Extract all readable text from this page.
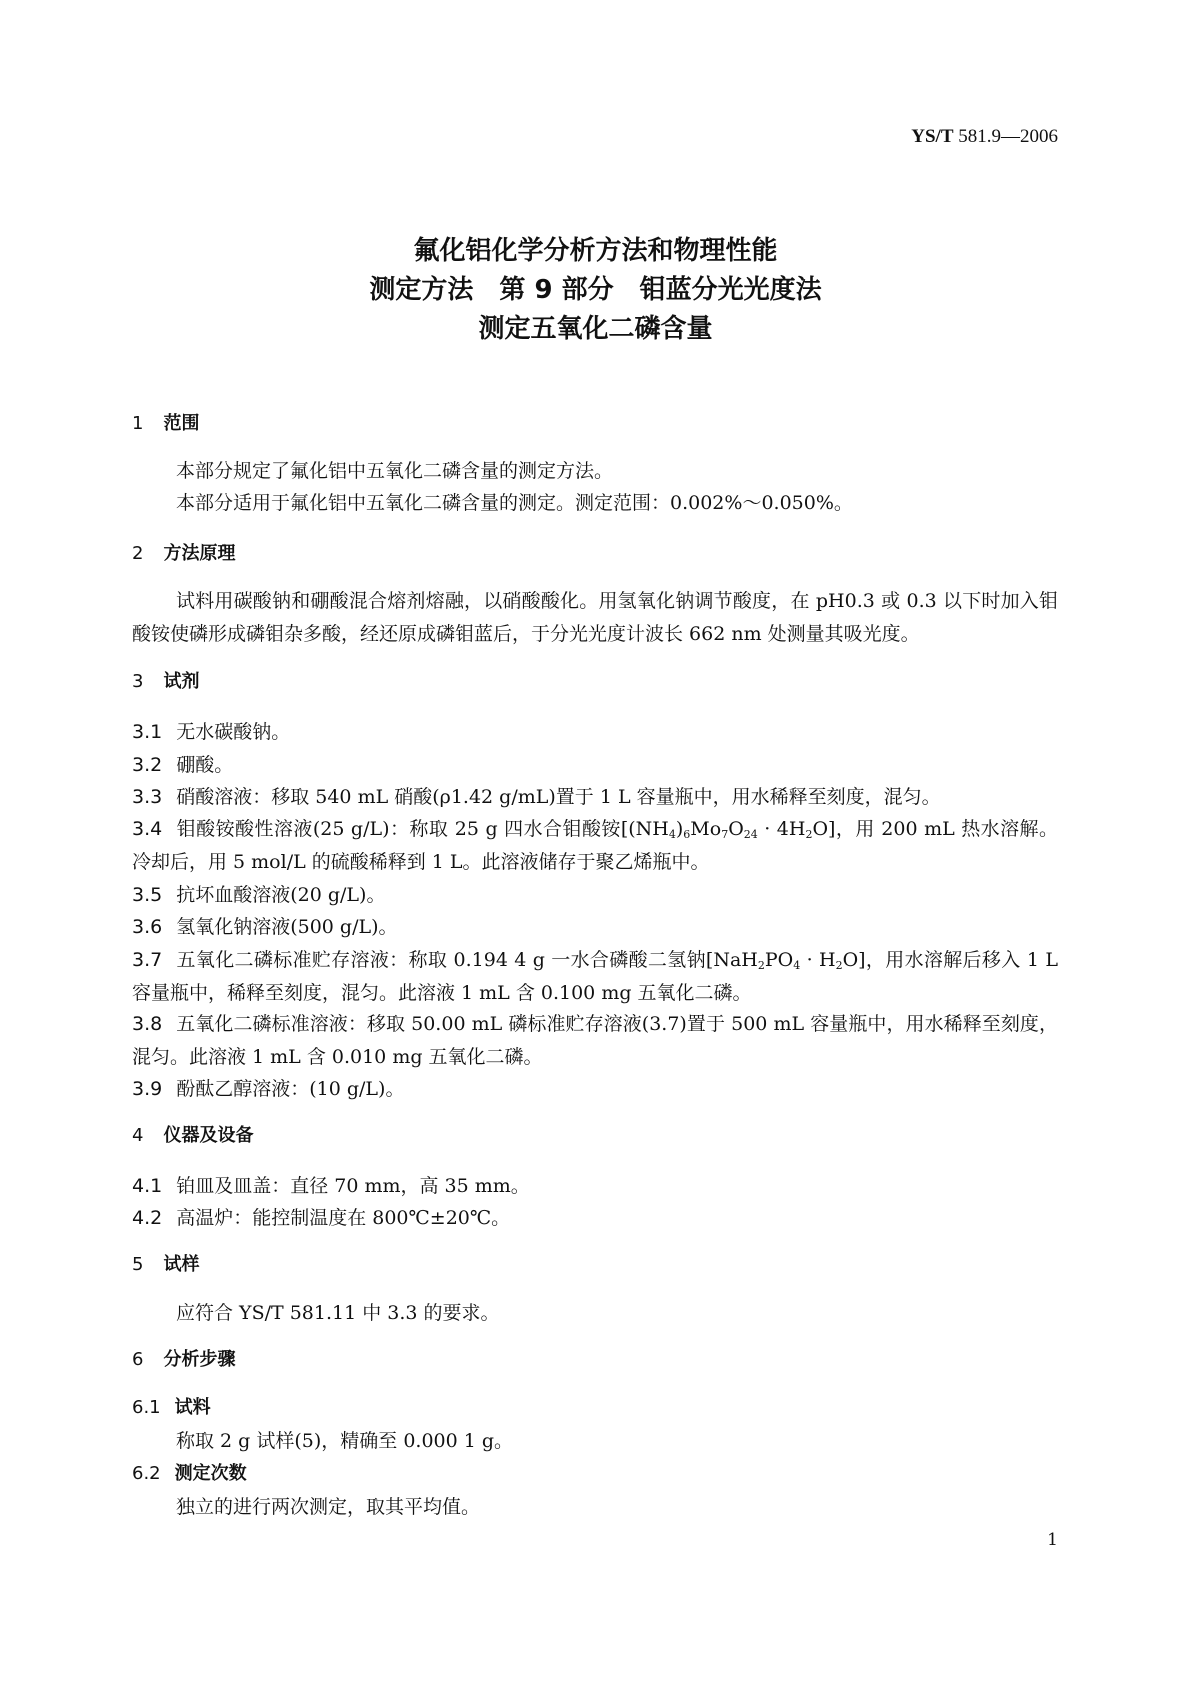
YS/T 581.9—2006
氟化铝化学分析方法和物理性能
测定方法　第 9 部分　钼蓝分光光度法
测定五氧化二磷含量
1 范围
本部分规定了氟化铝中五氧化二磷含量的测定方法。
本部分适用于氟化铝中五氧化二磷含量的测定。测定范围：0.002%～0.050%。
2 方法原理
试料用碳酸钠和硼酸混合熔剂熔融，以硝酸酸化。用氢氧化钠调节酸度，在 pH0.3 或 0.3 以下时加入钼酸铵使磷形成磷钼杂多酸，经还原成磷钼蓝后，于分光光度计波长 662 nm 处测量其吸光度。
3 试剂
3.1 无水碳酸钠。
3.2 硼酸。
3.3 硝酸溶液：移取 540 mL 硝酸(ρ1.42 g/mL)置于 1 L 容量瓶中，用水稀释至刻度，混匀。
3.4 钼酸铵酸性溶液(25 g/L)：称取 25 g 四水合钼酸铵$[(NH_4)_6Mo_7O_{24} \cdot 4H_2O]$，用 200 mL 热水溶解。冷却后，用 5 mol/L 的硫酸稀释到 1 L。此溶液储存于聚乙烯瓶中。
3.5 抗坏血酸溶液(20 g/L)。
3.6 氢氧化钠溶液(500 g/L)。
3.7 五氧化二磷标准贮存溶液：称取 0.194 4 g 一水合磷酸二氢钠$[NaH_2PO_4 \cdot H_2O]$，用水溶解后移入 1 L 容量瓶中，稀释至刻度，混匀。此溶液 1 mL 含 0.100 mg 五氧化二磷。
3.8 五氧化二磷标准溶液：移取 50.00 mL 磷标准贮存溶液(3.7)置于 500 mL 容量瓶中，用水稀释至刻度，混匀。此溶液 1 mL 含 0.010 mg 五氧化二磷。
3.9 酚酞乙醇溶液：(10 g/L)。
4 仪器及设备
4.1 铂皿及皿盖：直径 70 mm，高 35 mm。
4.2 高温炉：能控制温度在 800℃±20℃。
5 试样
应符合 YS/T 581.11 中 3.3 的要求。
6 分析步骤
6.1 试料
称取 2 g 试样(5)，精确至 0.000 1 g。
6.2 测定次数
独立的进行两次测定，取其平均值。
1
